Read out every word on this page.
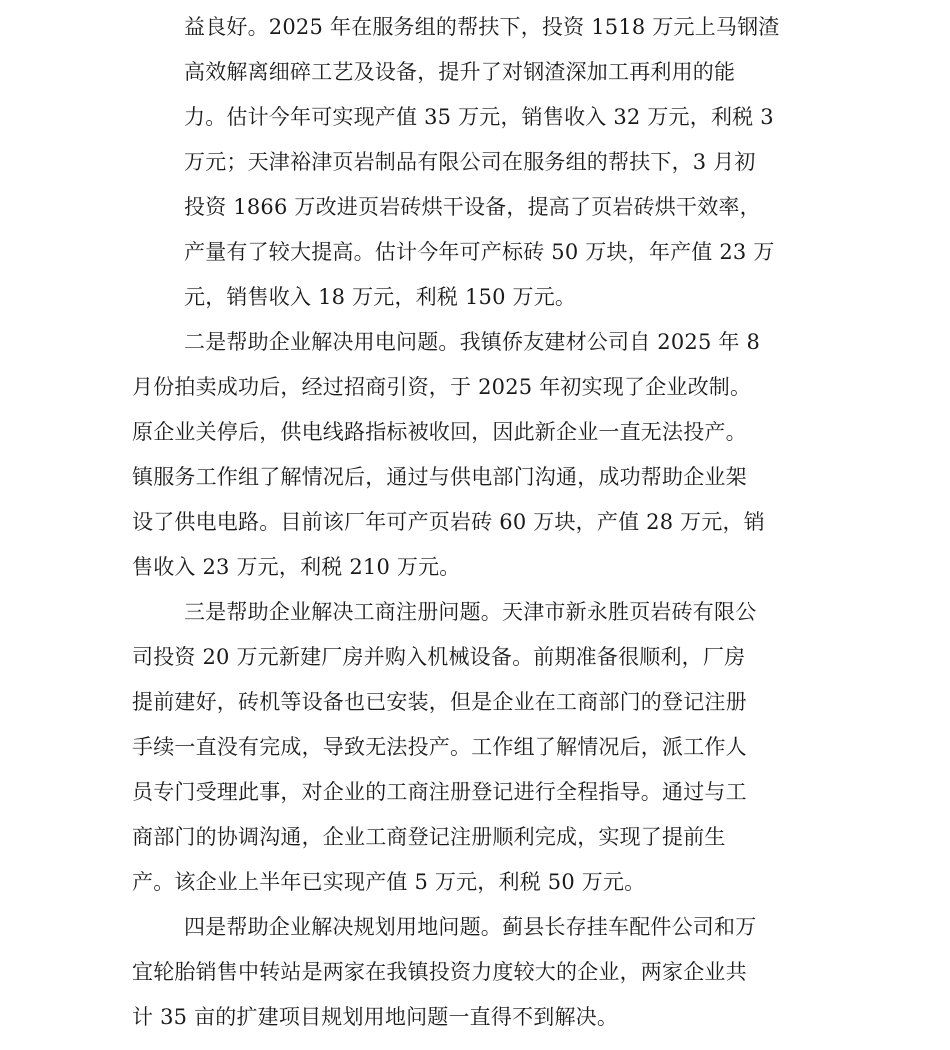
益良好。2025 年在服务组的帮扶下，投资 1518 万元上马钢渣
高效解离细碎工艺及设备，提升了对钢渣深加工再利用的能
力。估计今年可实现产值 35 万元，销售收入 32 万元，利税 3
万元；天津裕津页岩制品有限公司在服务组的帮扶下，3 月初
投资 1866 万改进页岩砖烘干设备，提高了页岩砖烘干效率，
产量有了较大提高。估计今年可产标砖 50 万块，年产值 23 万
元，销售收入 18 万元，利税 150 万元。
二是帮助企业解决用电问题。我镇侨友建材公司自 2025 年 8
月份拍卖成功后，经过招商引资，于 2025 年初实现了企业改制。
原企业关停后，供电线路指标被收回，因此新企业一直无法投产。
镇服务工作组了解情况后，通过与供电部门沟通，成功帮助企业架
设了供电电路。目前该厂年可产页岩砖 60 万块，产值 28 万元，销
售收入 23 万元，利税 210 万元。
三是帮助企业解决工商注册问题。天津市新永胜页岩砖有限公
司投资 20 万元新建厂房并购入机械设备。前期准备很顺利，厂房
提前建好，砖机等设备也已安装，但是企业在工商部门的登记注册
手续一直没有完成，导致无法投产。工作组了解情况后，派工作人
员专门受理此事，对企业的工商注册登记进行全程指导。通过与工
商部门的协调沟通，企业工商登记注册顺利完成，实现了提前生
产。该企业上半年已实现产值 5 万元，利税 50 万元。
四是帮助企业解决规划用地问题。蓟县长存挂车配件公司和万
宜轮胎销售中转站是两家在我镇投资力度较大的企业，两家企业共
计 35 亩的扩建项目规划用地问题一直得不到解决。
